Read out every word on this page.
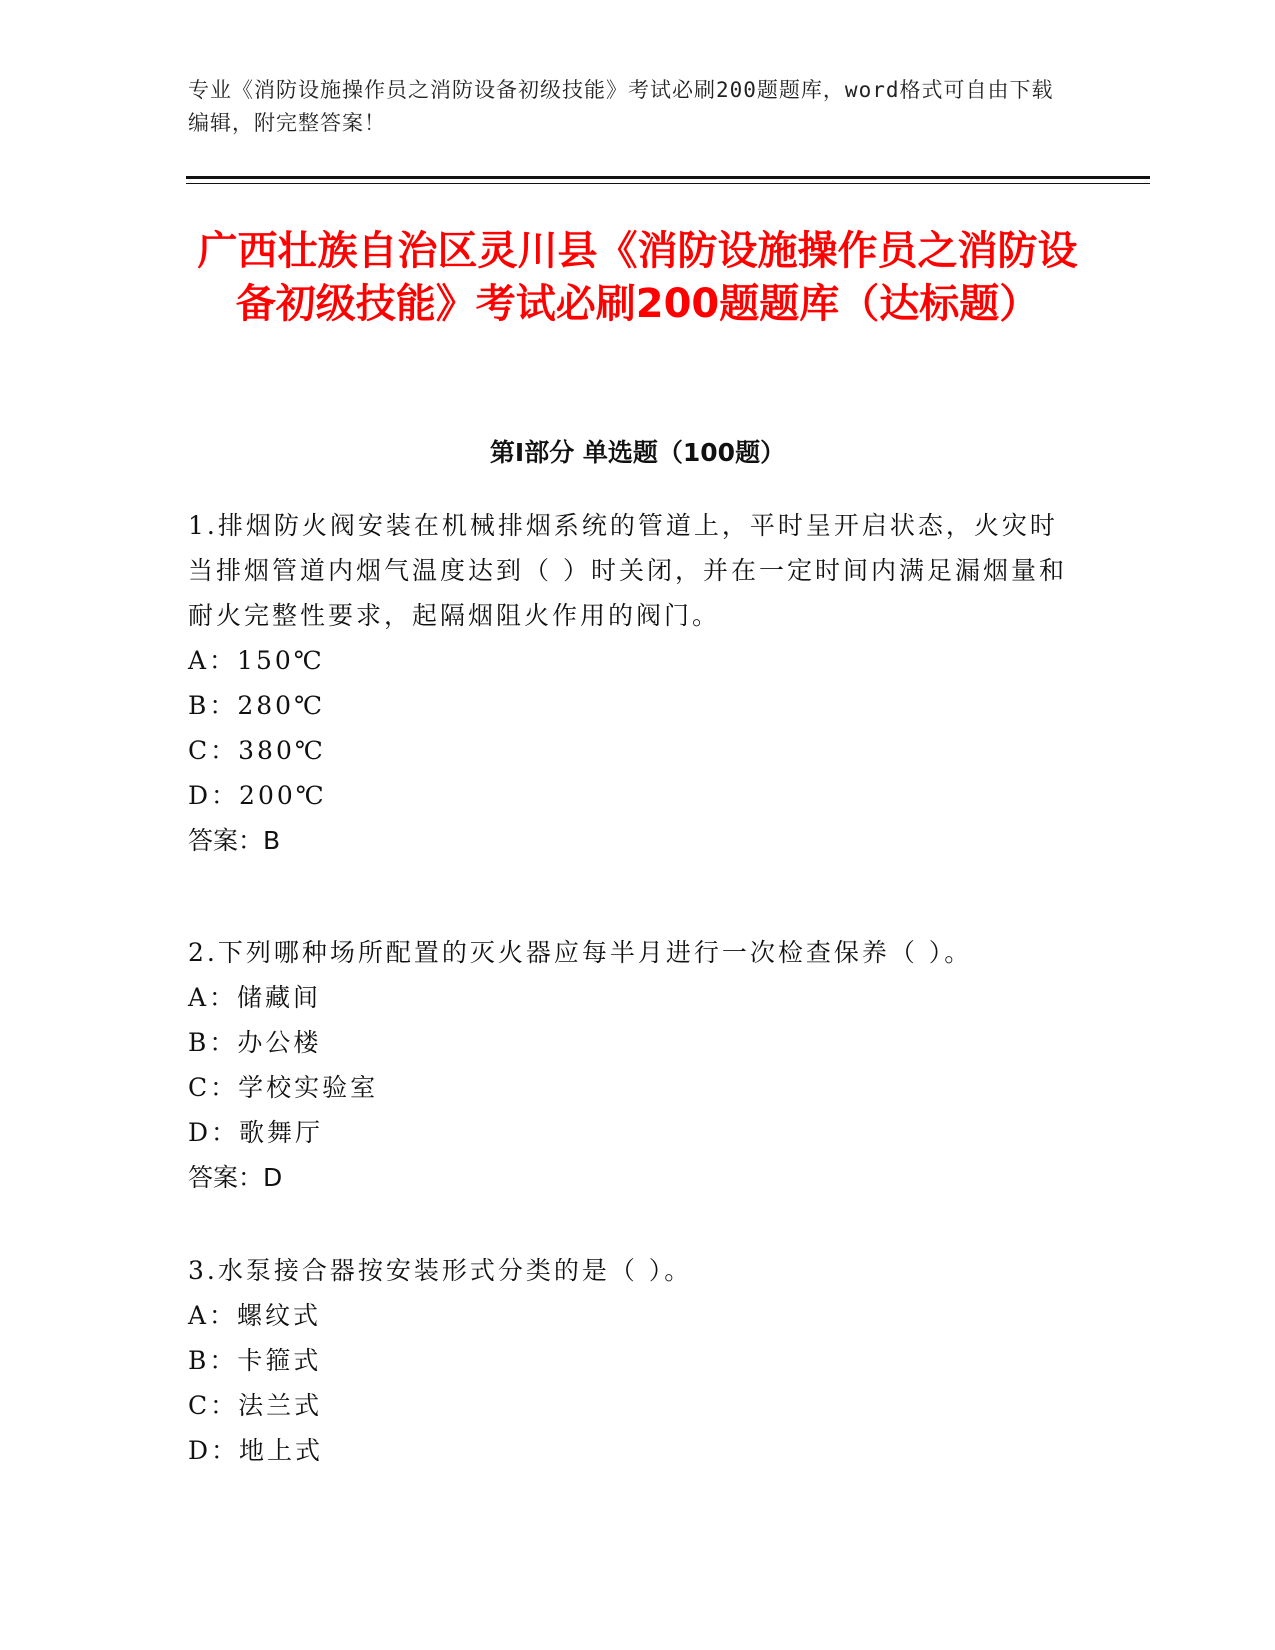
专业《消防设施操作员之消防设备初级技能》考试必刷200题题库，word格式可自由下载编辑，附完整答案！
广西壮族自治区灵川县《消防设施操作员之消防设备初级技能》考试必刷200题题库（达标题）
第Ⅰ部分 单选题（100题）

1.排烟防火阀安装在机械排烟系统的管道上，平时呈开启状态，火灾时当排烟管道内烟气温度达到（ ）时关闭，并在一定时间内满足漏烟量和耐火完整性要求，起隔烟阻火作用的阀门。

A：150℃

B：280℃

C：380℃

D：200℃

答案：B

2.下列哪种场所配置的灭火器应每半月进行一次检查保养（ ）。

A：储藏间

B：办公楼

C：学校实验室

D：歌舞厅

答案：D

3.水泵接合器按安装形式分类的是（ ）。

A：螺纹式

B：卡箍式

C：法兰式

D：地上式
